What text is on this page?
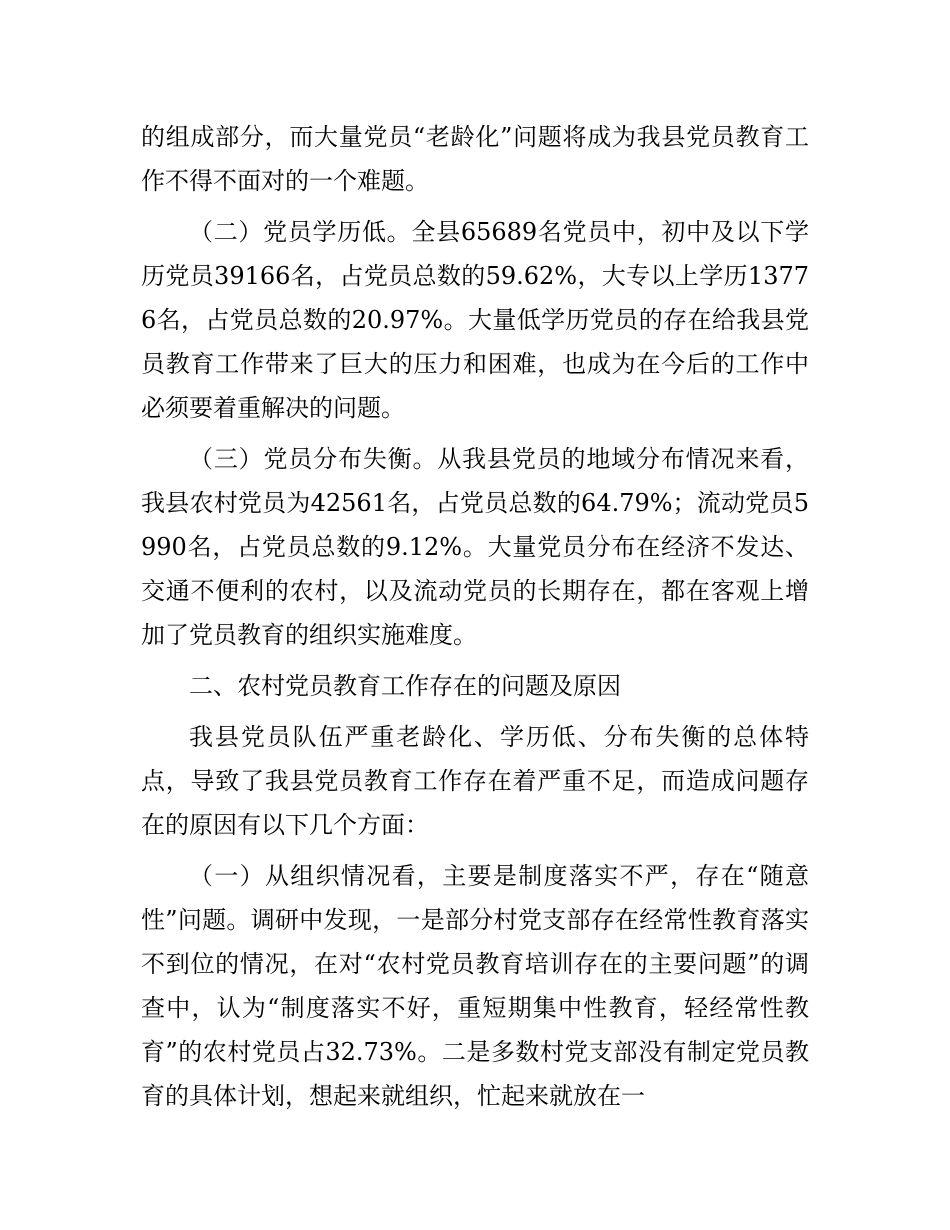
的组成部分，而大量党员“老龄化”问题将成为我县党员教育工作不得不面对的一个难题。

（二）党员学历低。全县65689名党员中，初中及以下学历党员39166名，占党员总数的59.62%，大专以上学历13776名，占党员总数的20.97%。大量低学历党员的存在给我县党员教育工作带来了巨大的压力和困难，也成为在今后的工作中必须要着重解决的问题。

（三）党员分布失衡。从我县党员的地域分布情况来看，我县农村党员为42561名，占党员总数的64.79%；流动党员5990名，占党员总数的9.12%。大量党员分布在经济不发达、交通不便利的农村，以及流动党员的长期存在，都在客观上增加了党员教育的组织实施难度。

二、农村党员教育工作存在的问题及原因

我县党员队伍严重老龄化、学历低、分布失衡的总体特点，导致了我县党员教育工作存在着严重不足，而造成问题存在的原因有以下几个方面：

（一）从组织情况看，主要是制度落实不严，存在“随意性”问题。调研中发现，一是部分村党支部存在经常性教育落实不到位的情况，在对“农村党员教育培训存在的主要问题”的调查中，认为“制度落实不好，重短期集中性教育，轻经常性教育”的农村党员占32.73%。二是多数村党支部没有制定党员教育的具体计划，想起来就组织，忙起来就放在一
